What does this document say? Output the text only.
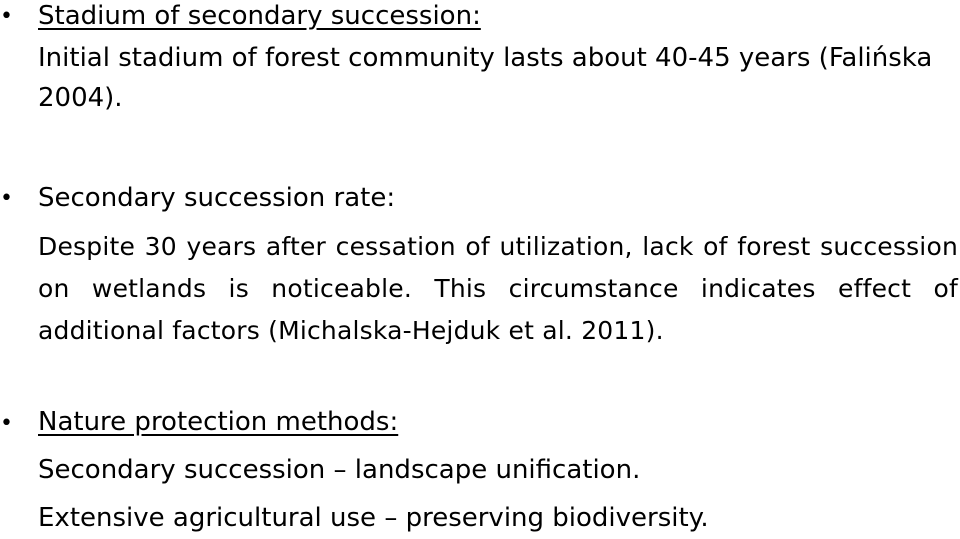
• Stadium of secondary succession:
Initial stadium of forest community lasts about 40-45 years (Falińska
2004).
• Secondary succession rate:
Despite 30 years after cessation of utilization, lack of forest succession on wetlands is noticeable. This circumstance indicates effect of additional factors (Michalska-Hejduk et al. 2011).
• Nature protection methods:
Secondary succession – landscape unification.
Extensive agricultural use – preserving biodiversity.
